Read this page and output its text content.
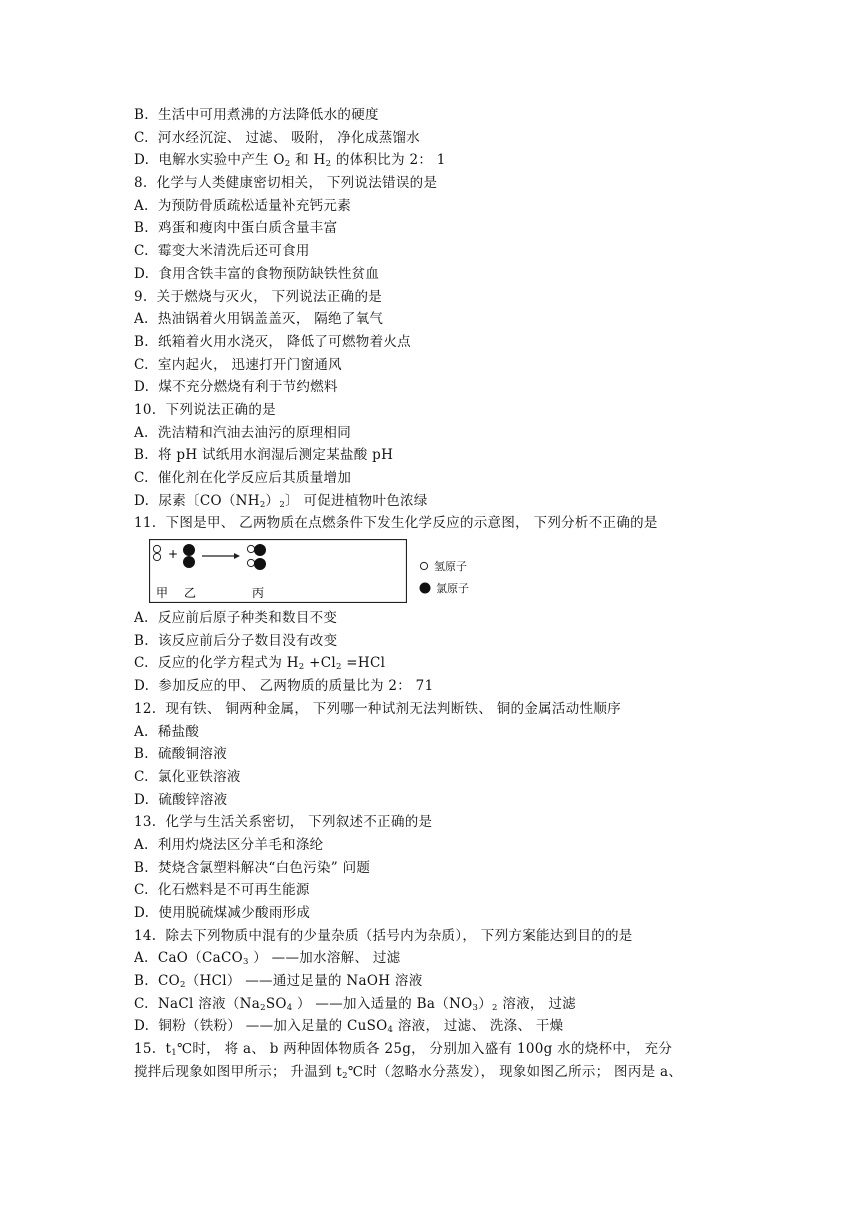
B.  生活中可用煮沸的方法降低水的硬度
C.  河水经沉淀、 过滤、 吸附， 净化成蒸馏水
D.  电解水实验中产生 $O_2$ 和 $H_2$ 的体积比为 2： 1
8.  化学与人类健康密切相关， 下列说法错误的是
A.  为预防骨质疏松适量补充钙元素
B.  鸡蛋和瘦肉中蛋白质含量丰富
C.  霉变大米清洗后还可食用
D.  食用含铁丰富的食物预防缺铁性贫血
9.  关于燃烧与灭火， 下列说法正确的是
A.  热油锅着火用锅盖盖灭， 隔绝了氧气
B.  纸箱着火用水浇灭， 降低了可燃物着火点
C.  室内起火， 迅速打开门窗通风
D.  煤不充分燃烧有利于节约燃料
10.  下列说法正确的是
A.  洗洁精和汽油去油污的原理相同
B.  将 pH 试纸用水润湿后测定某盐酸 pH
C.  催化剂在化学反应后其质量增加
D.  尿素〔$CO(NH_2)_2$〕 可促进植物叶色浓绿
11.  下图是甲、 乙两物质在点燃条件下发生化学反应的示意图， 下列分析不正确的是
+
甲 乙	丙
氢原子
氯原子
A.  反应前后原子种类和数目不变
B.  该反应前后分子数目没有改变
C.  反应的化学方程式为 $H_2 +Cl_2 =HCl$
D.  参加反应的甲、 乙两物质的质量比为 2： 71
12.  现有铁、 铜两种金属， 下列哪一种试剂无法判断铁、 铜的金属活动性顺序
A.  稀盐酸
B.  硫酸铜溶液
C.  氯化亚铁溶液
D.  硫酸锌溶液
13.  化学与生活关系密切， 下列叙述不正确的是
A.  利用灼烧法区分羊毛和涤纶
B.  焚烧含氯塑料解决“白色污染” 问题
C.  化石燃料是不可再生能源
D.  使用脱硫煤减少酸雨形成
14.  除去下列物质中混有的少量杂质（括号内为杂质）， 下列方案能达到目的的是
A.  CaO（CaCO$_3$ ） ——加水溶解、 过滤
B.  $CO_2(HCl)$ ——通过足量的 NaOH 溶液
C.  NaCl 溶液（$Na_2SO_4$ ） ——加入适量的 $Ba(NO_3)_2$ 溶液， 过滤
D.  铜粉（铁粉） ——加入足量的 CuSO$_4$ 溶液， 过滤、 洗涤、 干燥
15.  $t_1℃$时， 将 a、 b 两种固体物质各 25g， 分别加入盛有 100g 水的烧杯中， 充分
搅拌后现象如图甲所示； 升温到 $t_2℃$时（忽略水分蒸发）， 现象如图乙所示； 图丙是 a、
